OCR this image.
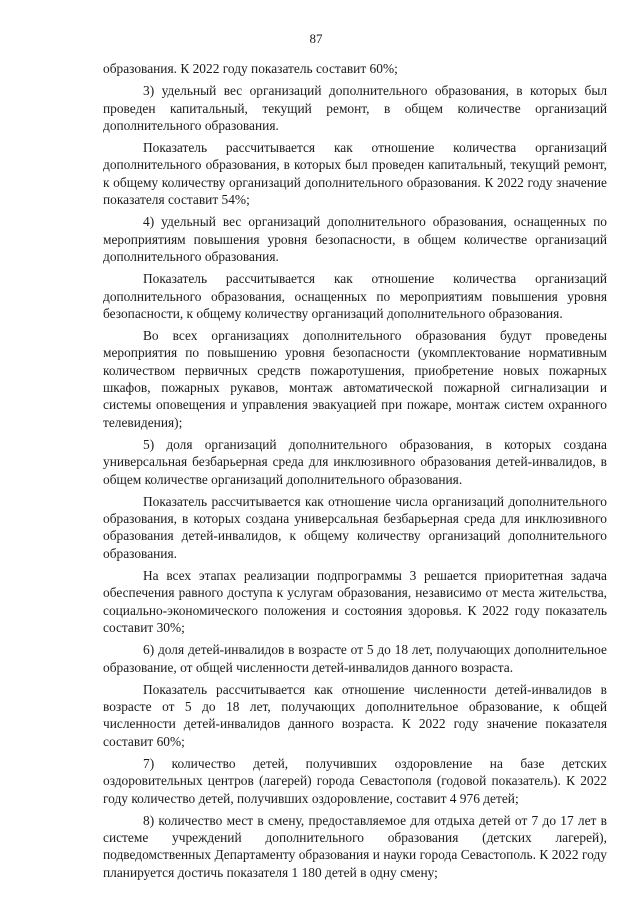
87

образования. К 2022 году показатель составит 60%;

3) удельный вес организаций дополнительного образования, в которых был проведен капитальный, текущий ремонт, в общем количестве организаций дополнительного образования.

Показатель рассчитывается как отношение количества организаций дополнительного образования, в которых был проведен капитальный, текущий ремонт, к общему количеству организаций дополнительного образования. К 2022 году значение показателя составит 54%;

4) удельный вес организаций дополнительного образования, оснащенных по мероприятиям повышения уровня безопасности, в общем количестве организаций дополнительного образования.

Показатель рассчитывается как отношение количества организаций дополнительного образования, оснащенных по мероприятиям повышения уровня безопасности, к общему количеству организаций дополнительного образования.

Во всех организациях дополнительного образования будут проведены мероприятия по повышению уровня безопасности (укомплектование нормативным количеством первичных средств пожаротушения, приобретение новых пожарных шкафов, пожарных рукавов, монтаж автоматической пожарной сигнализации и системы оповещения и управления эвакуацией при пожаре, монтаж систем охранного телевидения);

5) доля организаций дополнительного образования, в которых создана универсальная безбарьерная среда для инклюзивного образования детей-инвалидов, в общем количестве организаций дополнительного образования.

Показатель рассчитывается как отношение числа организаций дополнительного образования, в которых создана универсальная безбарьерная среда для инклюзивного образования детей-инвалидов, к общему количеству организаций дополнительного образования.

На всех этапах реализации подпрограммы 3 решается приоритетная задача обеспечения равного доступа к услугам образования, независимо от места жительства, социально-экономического положения и состояния здоровья. К 2022 году показатель составит 30%;

6) доля детей-инвалидов в возрасте от 5 до 18 лет, получающих дополнительное образование, от общей численности детей-инвалидов данного возраста.

Показатель рассчитывается как отношение численности детей-инвалидов в возрасте от 5 до 18 лет, получающих дополнительное образование, к общей численности детей-инвалидов данного возраста. К 2022 году значение показателя составит 60%;

7) количество детей, получивших оздоровление на базе детских оздоровительных центров (лагерей) города Севастополя (годовой показатель). К 2022 году количество детей, получивших оздоровление, составит 4 976 детей;

8) количество мест в смену, предоставляемое для отдыха детей от 7 до 17 лет в системе учреждений дополнительного образования (детских лагерей), подведомственных Департаменту образования и науки города Севастополь. К 2022 году планируется достичь показателя 1 180 детей в одну смену;
